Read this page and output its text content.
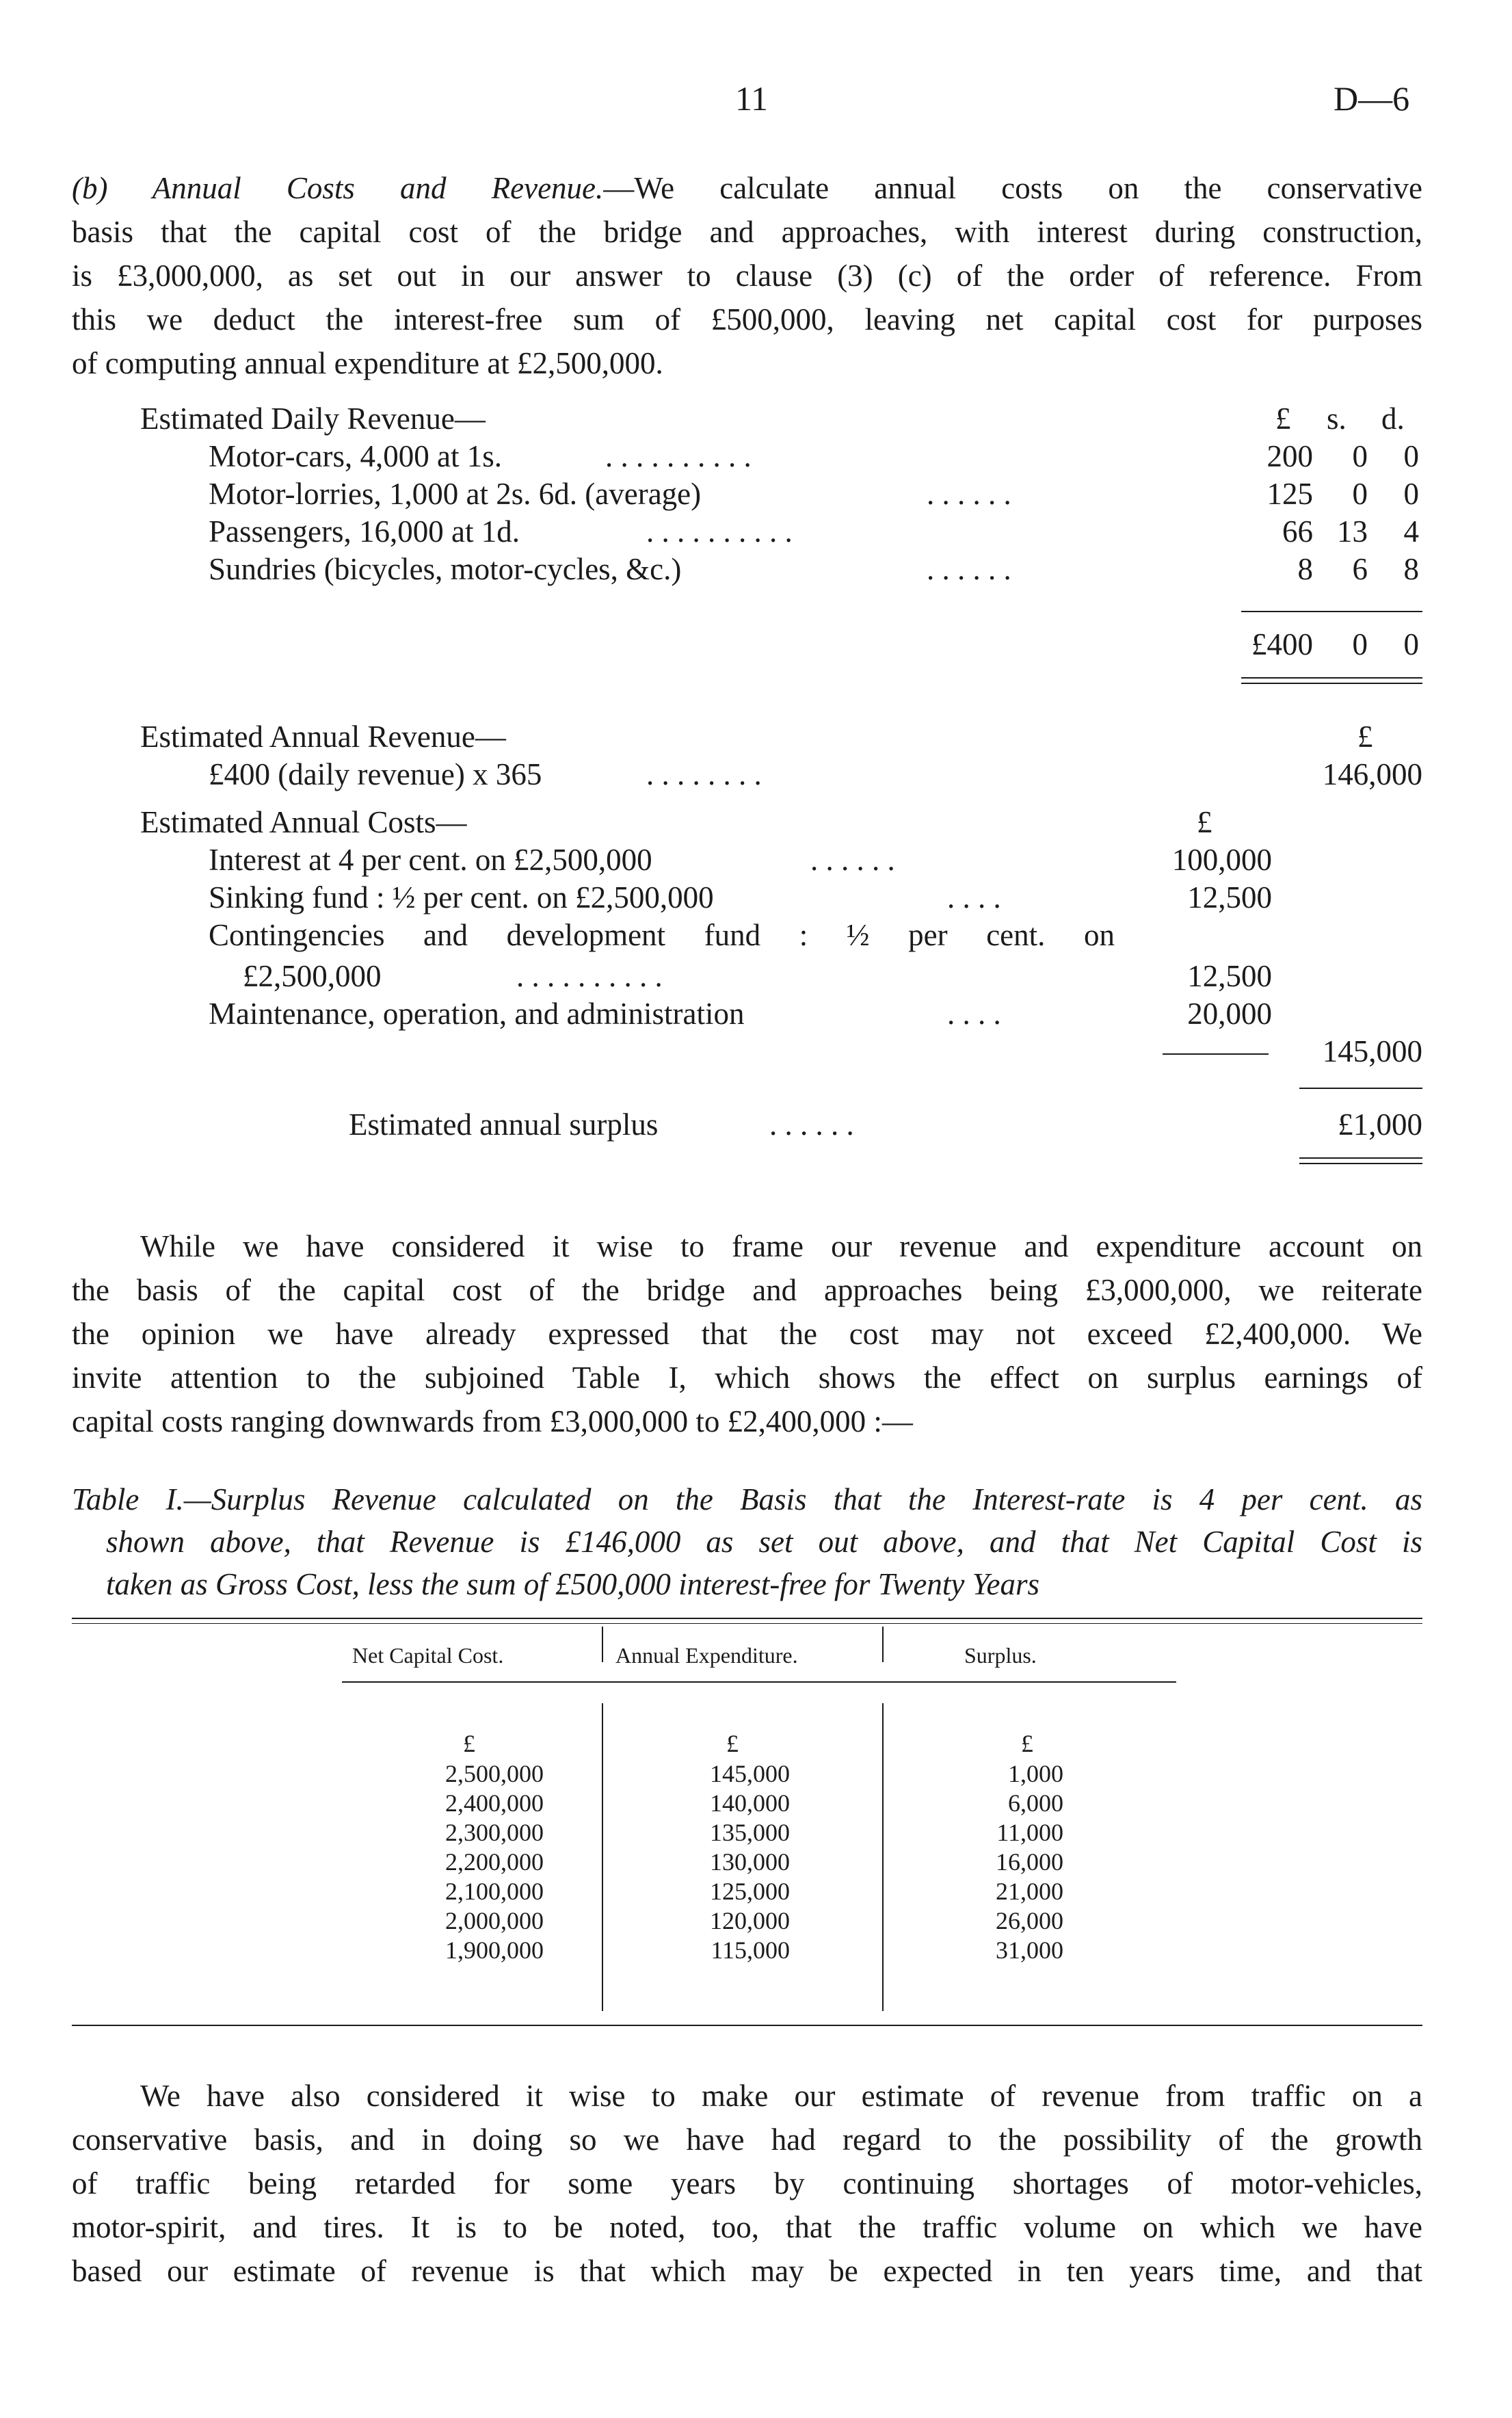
11	D—6
(b) Annual Costs and Revenue.—We calculate annual costs on the conservative
basis that the capital cost of the bridge and approaches, with interest during construction,
is £3,000,000, as set out in our answer to clause (3) (c) of the order of reference. From
this we deduct the interest-free sum of £500,000, leaving net capital cost for purposes
of computing annual expenditure at £2,500,000.
Estimated Daily Revenue—	£ s. d.
Motor-cars, 4,000 at 1s.	. . . . . . . . . .	200	0	0
Motor-lorries, 1,000 at 2s. 6d. (average)	. . . . . .	125	0	0
Passengers, 16,000 at 1d.	. . . . . . . . . .	66 13	4
Sundries (bicycles, motor-cycles, &c.)	. . . . . .	8	6	8
£400	0	0
Estimated Annual Revenue—	£
£400 (daily revenue) x 365	. . . . . . . .	146,000
Estimated Annual Costs—	£
Interest at 4 per cent. on £2,500,000	. . . . . .	100,000
Sinking fund : ½ per cent. on £2,500,000	. . . .	12,500
Contingencies and development fund : ½ per cent. on
£2,500,000	. . . . . . . . . .	12,500
Maintenance, operation, and administration	. . . .	20,000
145,000
Estimated annual surplus	. . . . . .	£1,000
While we have considered it wise to frame our revenue and expenditure account on
the basis of the capital cost of the bridge and approaches being £3,000,000, we reiterate
the opinion we have already expressed that the cost may not exceed £2,400,000. We
invite attention to the subjoined Table I, which shows the effect on surplus earnings of
capital costs ranging downwards from £3,000,000 to £2,400,000 :—
Table I.—Surplus Revenue calculated on the Basis that the Interest-rate is 4 per cent. as
shown above, that Revenue is £146,000 as set out above, and that Net Capital Cost is
taken as Gross Cost, less the sum of £500,000 interest-free for Twenty Years
Net Capital Cost.	Annual Expenditure.	Surplus.
£	£	£
2,500,000	145,000	1,000
2,400,000	140,000	6,000
2,300,000	135,000	11,000
2,200,000	130,000	16,000
2,100,000	125,000	21,000
2,000,000	120,000	26,000
1,900,000	115,000	31,000
We have also considered it wise to make our estimate of revenue from traffic on a
conservative basis, and in doing so we have had regard to the possibility of the growth
of traffic being retarded for some years by continuing shortages of motor-vehicles,
motor-spirit, and tires. It is to be noted, too, that the traffic volume on which we have
based our estimate of revenue is that which may be expected in ten years time, and that
